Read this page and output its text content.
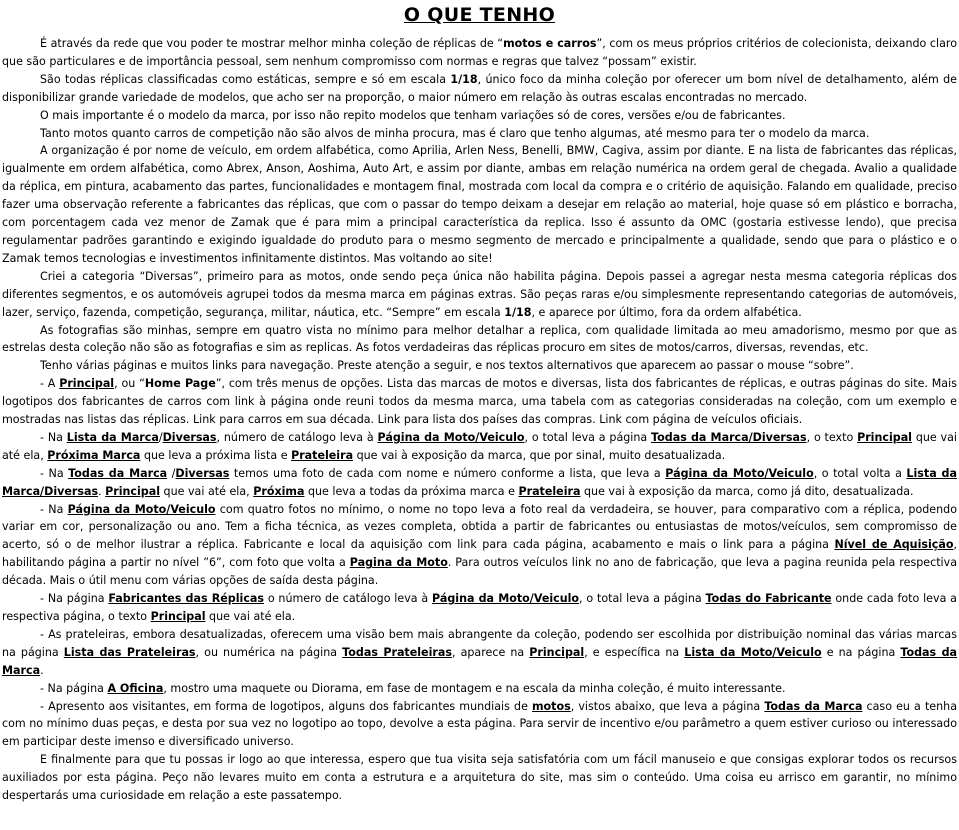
O QUE TENHO

É através da rede que vou poder te mostrar melhor minha coleção de réplicas de “motos e carros”, com os meus próprios critérios de colecionista, deixando claro que são particulares e de importância pessoal, sem nenhum compromisso com normas e regras que talvez “possam” existir.

São todas réplicas classificadas como estáticas, sempre e só em escala 1/18, único foco da minha coleção por oferecer um bom nível de detalhamento, além de disponibilizar grande variedade de modelos, que acho ser na proporção, o maior número em relação às outras escalas encontradas no mercado.

O mais importante é o modelo da marca, por isso não repito modelos que tenham variações só de cores, versões e/ou de fabricantes.

Tanto motos quanto carros de competição não são alvos de minha procura, mas é claro que tenho algumas, até mesmo para ter o modelo da marca.

A organização é por nome de veículo, em ordem alfabética, como Aprilia, Arlen Ness, Benelli, BMW, Cagiva, assim por diante. E na lista de fabricantes das réplicas, igualmente em ordem alfabética, como Abrex, Anson, Aoshima, Auto Art, e assim por diante, ambas em relação numérica na ordem geral de chegada. Avalio a qualidade da réplica, em pintura, acabamento das partes, funcionalidades e montagem final, mostrada com local da compra e o critério de aquisição. Falando em qualidade, preciso fazer uma observação referente a fabricantes das réplicas, que com o passar do tempo deixam a desejar em relação ao material, hoje quase só em plástico e borracha, com porcentagem cada vez menor de Zamak que é para mim a principal característica da replica. Isso é assunto da OMC (gostaria estivesse lendo), que precisa regulamentar padrões garantindo e exigindo igualdade do produto para o mesmo segmento de mercado e principalmente a qualidade, sendo que para o plástico e o Zamak temos tecnologias e investimentos infinitamente distintos. Mas voltando ao site!

Criei a categoria “Diversas”, primeiro para as motos, onde sendo peça única não habilita página. Depois passei a agregar nesta mesma categoria réplicas dos diferentes segmentos, e os automóveis agrupei todos da mesma marca em páginas extras. São peças raras e/ou simplesmente representando categorias de automóveis, lazer, serviço, fazenda, competição, segurança, militar, náutica, etc. “Sempre” em escala 1/18, e aparece por último, fora da ordem alfabética.

As fotografias são minhas, sempre em quatro vista no mínimo para melhor detalhar a replica, com qualidade limitada ao meu amadorismo, mesmo por que as estrelas desta coleção não são as fotografias e sim as replicas. As fotos verdadeiras das réplicas procuro em sites de motos/carros, diversas, revendas, etc.

Tenho várias páginas e muitos links para navegação. Preste atenção a seguir, e nos textos alternativos que aparecem ao passar o mouse “sobre”.

- A Principal, ou “Home Page”, com três menus de opções. Lista das marcas de motos e diversas, lista dos fabricantes de réplicas, e outras páginas do site. Mais logotipos dos fabricantes de carros com link à página onde reuni todos da mesma marca, uma tabela com as categorias consideradas na coleção, com um exemplo e mostradas nas listas das réplicas. Link para carros em sua década. Link para lista dos países das compras. Link com página de veículos oficiais.

- Na Lista da Marca/Diversas, número de catálogo leva à Página da Moto/Veiculo, o total leva a página Todas da Marca/Diversas, o texto Principal que vai até ela, Próxima Marca que leva a próxima lista e Prateleira que vai à exposição da marca, que por sinal, muito desatualizada.

- Na Todas da Marca /Diversas temos uma foto de cada com nome e número conforme a lista, que leva a Página da Moto/Veiculo, o total volta a Lista da Marca/Diversas. Principal que vai até ela, Próxima que leva a todas da próxima marca e Prateleira que vai à exposição da marca, como já dito, desatualizada.

- Na Página da Moto/Veiculo com quatro fotos no mínimo, o nome no topo leva a foto real da verdadeira, se houver, para comparativo com a réplica, podendo variar em cor, personalização ou ano. Tem a ficha técnica, as vezes completa, obtida a partir de fabricantes ou entusiastas de motos/veículos, sem compromisso de acerto, só o de melhor ilustrar a réplica. Fabricante e local da aquisição com link para cada página, acabamento e mais o link para a página Nível de Aquisição, habilitando página a partir no nível ”6”, com foto que volta a Pagina da Moto. Para outros veículos link no ano de fabricação, que leva a pagina reunida pela respectiva década. Mais o útil menu com várias opções de saída desta página.

- Na página Fabricantes das Réplicas o número de catálogo leva à Página da Moto/Veiculo, o total leva a página Todas do Fabricante onde cada foto leva a respectiva página, o texto Principal que vai até ela.

- As prateleiras, embora desatualizadas, oferecem uma visão bem mais abrangente da coleção, podendo ser escolhida por distribuição nominal das várias marcas na página Lista das Prateleiras, ou numérica na página Todas Prateleiras, aparece na Principal, e específica na Lista da Moto/Veiculo e na página Todas da Marca.

- Na página A Oficina, mostro uma maquete ou Diorama, em fase de montagem e na escala da minha coleção, é muito interessante.

- Apresento aos visitantes, em forma de logotipos, alguns dos fabricantes mundiais de motos, vistos abaixo, que leva a página Todas da Marca caso eu a tenha com no mínimo duas peças, e desta por sua vez no logotipo ao topo, devolve a esta página. Para servir de incentivo e/ou parâmetro a quem estiver curioso ou interessado em participar deste imenso e diversificado universo.

E finalmente para que tu possas ir logo ao que interessa, espero que tua visita seja satisfatória com um fácil manuseio e que consigas explorar todos os recursos auxiliados por esta página. Peço não levares muito em conta a estrutura e a arquitetura do site, mas sim o conteúdo. Uma coisa eu arrisco em garantir, no mínimo despertarás uma curiosidade em relação a este passatempo.
